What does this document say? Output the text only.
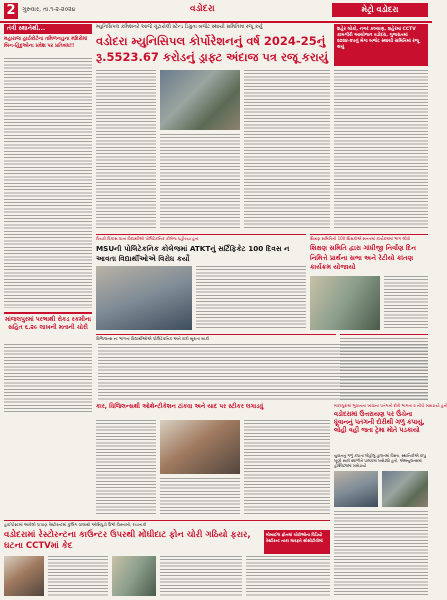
2	ગુરુવાર, તા.૧-૨-૨૦૨૪	વડોદરા	મેટ્રો વડોદરા
તંત્રી સ્થાનેથી...
મહારાજ હાર્ઇકોર્ટના તમિળનાડુના મંદિરોમાં બિન-હિંદુઓના પ્રવેશ પર પ્રતિબંધ!!
માંજલપુરમાં પરભાથી રોકડ રકમીના સહિત ૬.૨૯ લાખની મતાની ચોરી
મ્યુનિસિપલ કમિશનરે આજે ચૂંટાયેલી સ્ટેન્ડ ડિગ્રુતા બજેટ સ્થાયી સમિતિમાં રજૂ કર્યું
વડોદરા મ્યુનિસિપલ કોર્પોરેશનનું વર્ષ 2024-25નું
રૂ.5523.67 કરોડનું ડ્રાફ્ટ અંદાજ પત્ર રજૂ કરાયું
શહેર લોકો, નગર કલ્યાણ, શહેરમાં CCTV કામગીરી આયોજન વડોદરા, ગુજરાતમાં ૨૦૨૪-૨૫નું મેગા બજેટ સ્થાયી સમિતિમાં રજૂ થયું
પિયરો વિકાસ વાના વિદ્યાર્થીઓ પોલિટેકનિક કોલેજ પહોંચ્યા હતા
MSUની પોલિટેકનિક કોલેજમાં ATKTનું સર્ટિફિકેટ 100 દિવસ ન આવતા વિદ્યાર્થીઓએ વિરોધ કર્યો
શિક્ષણ સમિતિની 100 શિક્ષકોએ સતતમાં કાર્યક્રમમાં ભાગ લીધો
શિક્ષણ સમિતિ દ્વારા ગાંધીજી નિર્વાણ દિન નિમિત્તે પ્રાર્થના સભા અને રેટીયો કાંતણ કાર્યક્રમ યોજાયો
વિજિલન્સ ના ભાગતા વિદ્યાર્થીઓએ પોલિટેકનિક અને રાત્રી સૂરાતા બાકી
કાર, વિજિલન્સથી ઓથેન્ટીકેશન ટાંકવા અને યાદ પર સ્ટીકર લગાડવું	મકરપુરામાં ભુવાનના ખાવાના પતંગનો દોરી ભાગતા ૨ નીચે ખસડાયો હતો
વડોદરામાં ઉત્તરાયણ પર ઉંચેના ધૂંવાનનું પતંગની દોરીથી ગળું કપાયું, લોહી વહી જતા ટ્રેમા મોતે પડકાયો
યુવાનનું ગળું કપાતા લોહીલુ હાલતમાં વિસ્તા, સ્થાનિકોએ કાપુ ખૂણી સારી સ્વાળીને પાલકમાં ખસેડ્યો હતો, એમ્બ્યુલન્સમાં હોસ્પિટલમાં ખસેડાયો
હાઈપોસ્ટમાં આવેલી પાપાણ રેસ્ટોરન્ટમાં કુલિંગ વાલાથી ઓસિપુડી ઉભી વિસ્તાબી, રચાતાકી
વડોદરામાં રેસ્ટોરન્ટના કાઉન્ટર ઉપરથી મોંઘીદાટ ફોન ચોરી ગઠિયો ફરાર, ઘટના CCTVમાં કેદ
મોબાઈલ ફોનમાં ચોરીઓના વિડિયો રેસ્ટોરન્ટ નાકા મારફતે સીસીટીવીમાં
